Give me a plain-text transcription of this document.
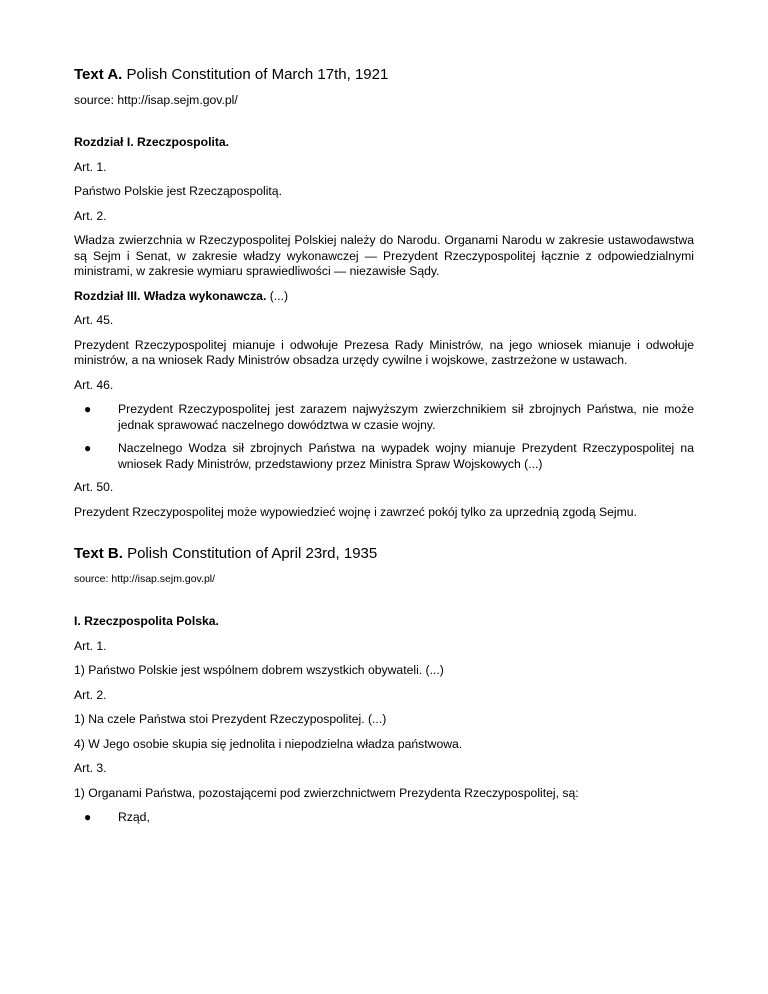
Text A. Polish Constitution of March 17th, 1921
source: http://isap.sejm.gov.pl/

Rozdział I. Rzeczpospolita.

Art. 1.

Państwo Polskie jest Rzecząpospolitą.

Art. 2.

Władza zwierzchnia w Rzeczypospolitej Polskiej należy do Narodu. Organami Narodu w zakresie ustawodawstwa są Sejm i Senat, w zakresie władzy wykonawczej — Prezydent Rzeczypospolitej łącznie z odpowiedzialnymi ministrami, w zakresie wymiaru sprawiedliwości — niezawisłe Sądy.

Rozdział III. Władza wykonawcza. (...)

Art. 45.

Prezydent Rzeczypospolitej mianuje i odwołuje Prezesa Rady Ministrów, na jego wniosek mianuje i odwołuje ministrów, a na wniosek Rady Ministrów obsadza urzędy cywilne i wojskowe, zastrzeżone w ustawach.

Art. 46.

● Prezydent Rzeczypospolitej jest zarazem najwyższym zwierzchnikiem sił zbrojnych Państwa, nie może jednak sprawować naczelnego dowództwa w czasie wojny.
● Naczelnego Wodza sił zbrojnych Państwa na wypadek wojny mianuje Prezydent Rzeczypospolitej na wniosek Rady Ministrów, przedstawiony przez Ministra Spraw Wojskowych (...)

Art. 50.

Prezydent Rzeczypospolitej może wypowiedzieć wojnę i zawrzeć pokój tylko za uprzednią zgodą Sejmu.

Text B. Polish Constitution of April 23rd, 1935
source: http://isap.sejm.gov.pl/

I. Rzeczpospolita Polska.

Art. 1.

1) Państwo Polskie jest wspólnem dobrem wszystkich obywateli. (...)

Art. 2.

1) Na czele Państwa stoi Prezydent Rzeczypospolitej. (...)

4) W Jego osobie skupia się jednolita i niepodzielna władza państwowa.

Art. 3.

1) Organami Państwa, pozostającemi pod zwierzchnictwem Prezydenta Rzeczypospolitej, są:

● Rząd,
